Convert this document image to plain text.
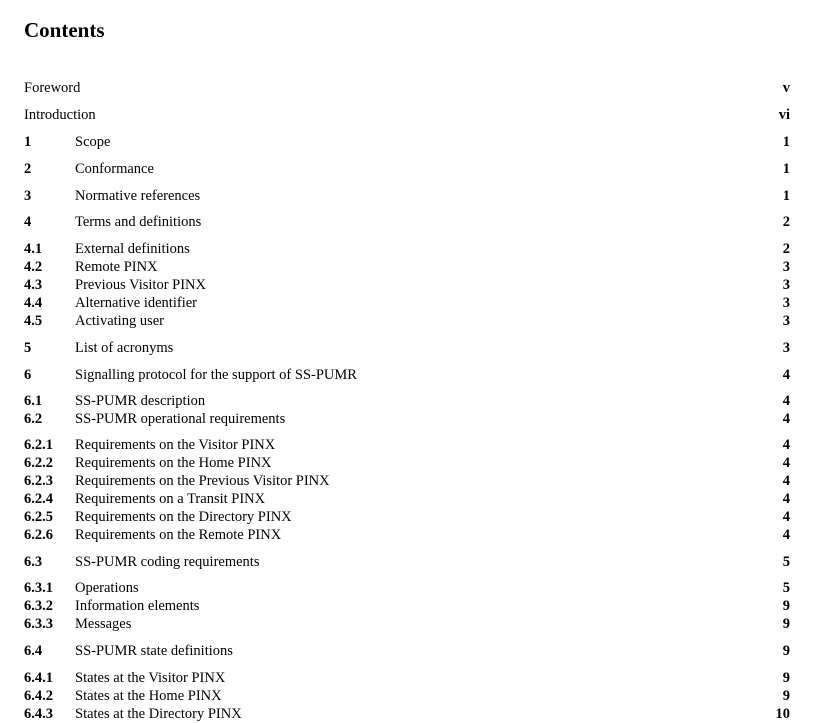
Contents
Foreword	v
Introduction	vi
1	Scope	1
2	Conformance	1
3	Normative references	1
4	Terms and definitions	2
4.1 External definitions	2
4.2 Remote PINX	3
4.3 Previous Visitor PINX	3
4.4 Alternative identifier	3
4.5 Activating user	3
5	List of acronyms	3
6	Signalling protocol for the support of SS-PUMR	4
6.1 SS-PUMR description	4
6.2 SS-PUMR operational requirements	4
6.2.1 Requirements on the Visitor PINX	4
6.2.2 Requirements on the Home PINX	4
6.2.3 Requirements on the Previous Visitor PINX	4
6.2.4 Requirements on a Transit PINX	4
6.2.5 Requirements on the Directory PINX	4
6.2.6 Requirements on the Remote PINX	4
6.3 SS-PUMR coding requirements	5
6.3.1 Operations	5
6.3.2 Information elements	9
6.3.3 Messages	9
6.4 SS-PUMR state definitions	9
6.4.1 States at the Visitor PINX	9
6.4.2 States at the Home PINX	9
6.4.3 States at the Directory PINX	10
